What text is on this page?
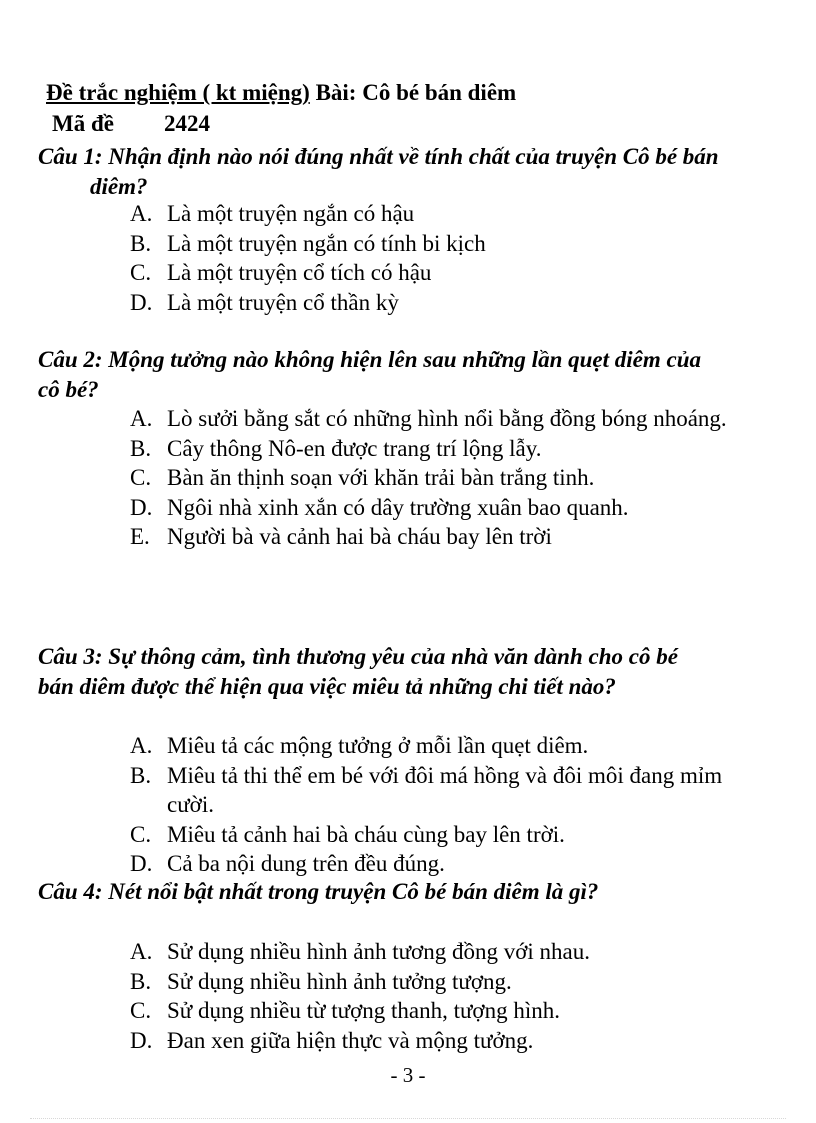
Đề trắc nghiệm ( kt miệng) Bài: Cô bé bán diêm
Mã đề 2424
Câu 1: Nhận định nào nói đúng nhất về tính chất của truyện Cô bé bán diêm?
A. Là một truyện ngắn có hậu
B. Là một truyện ngắn có tính bi kịch
C. Là một truyện cổ tích có hậu
D. Là một truyện cổ thần kỳ
Câu 2: Mộng tưởng nào không hiện lên sau những lần quẹt diêm của cô bé?
A. Lò sưởi bằng sắt có những hình nổi bằng đồng bóng nhoáng.
B. Cây thông Nô-en được trang trí lộng lẫy.
C. Bàn ăn thịnh soạn với khăn trải bàn trắng tinh.
D. Ngôi nhà xinh xắn có dây trường xuân bao quanh.
E. Người bà và cảnh hai bà cháu bay lên trời
Câu 3: Sự thông cảm, tình thương yêu của nhà văn dành cho cô bé bán diêm được thể hiện qua việc miêu tả những chi tiết nào?
A. Miêu tả các mộng tưởng ở mỗi lần quẹt diêm.
B. Miêu tả thi thể em bé với đôi má hồng và đôi môi đang mỉm cười.
C. Miêu tả cảnh hai bà cháu cùng bay lên trời.
D. Cả ba nội dung trên đều đúng.
Câu 4: Nét nổi bật nhất trong truyện Cô bé bán diêm là gì?
A. Sử dụng nhiều hình ảnh tương đồng với nhau.
B. Sử dụng nhiều hình ảnh tưởng tượng.
C. Sử dụng nhiều từ tượng thanh, tượng hình.
D. Đan xen giữa hiện thực và mộng tưởng.
- 3 -
